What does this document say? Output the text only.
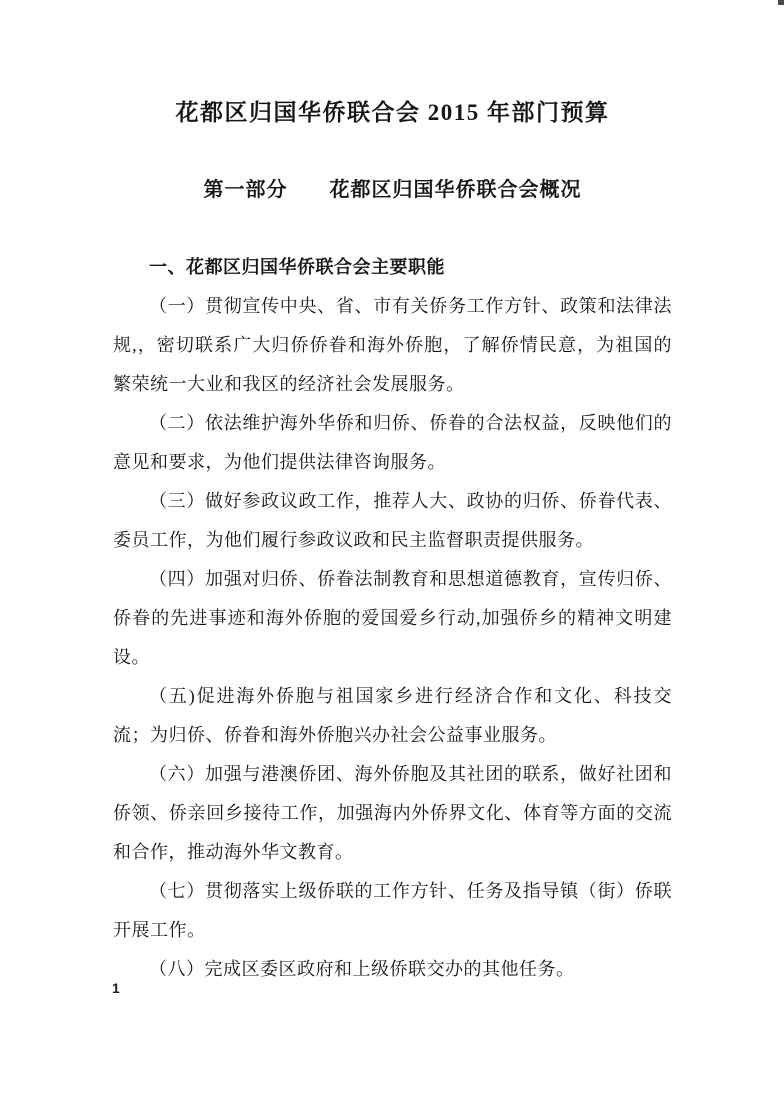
花都区归国华侨联合会 2015 年部门预算
第一部分　　花都区归国华侨联合会概况
一、花都区归国华侨联合会主要职能

（一）贯彻宣传中央、省、市有关侨务工作方针、政策和法律法规,，密切联系广大归侨侨眷和海外侨胞，了解侨情民意，为祖国的繁荣统一大业和我区的经济社会发展服务。

（二）依法维护海外华侨和归侨、侨眷的合法权益，反映他们的意见和要求，为他们提供法律咨询服务。

（三）做好参政议政工作，推荐人大、政协的归侨、侨眷代表、委员工作，为他们履行参政议政和民主监督职责提供服务。

（四）加强对归侨、侨眷法制教育和思想道德教育，宣传归侨、侨眷的先进事迹和海外侨胞的爱国爱乡行动,加强侨乡的精神文明建设。

（五)促进海外侨胞与祖国家乡进行经济合作和文化、科技交流；为归侨、侨眷和海外侨胞兴办社会公益事业服务。

（六）加强与港澳侨团、海外侨胞及其社团的联系，做好社团和侨领、侨亲回乡接待工作，加强海内外侨界文化、体育等方面的交流和合作，推动海外华文教育。

（七）贯彻落实上级侨联的工作方针、任务及指导镇（街）侨联开展工作。

（八）完成区委区政府和上级侨联交办的其他任务。

1
